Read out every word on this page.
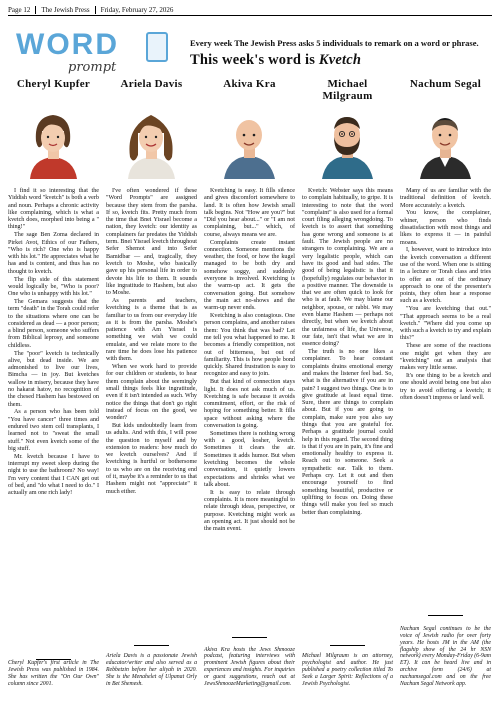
Page 12 The Jewish Press Friday, February 27, 2026
WORD
prompt
Every week The Jewish Press asks 5 individuals to remark on a word or phrase.
This week's word is Kvetch
Cheryl Kupfer

I find it so interesting that the Yiddish word "kvetch" is both a verb and noun. Perhaps a chronic activity like complaining, which is what a kvetch does, morphed into being a " thing!"

The sage Ben Zoma declared in Pirkei Avot, Ethics of our Fathers, "Who is rich? One who is happy with his lot." He appreciates what he has and is content, and thus has no thought to kvetch.

The flip side of this statement would logically be, "Who is poor? One who is unhappy with his lot."

The Gemara suggests that the term "death" in the Torah could refer to the situations where one can be considered as dead — a poor person; a blind person, someone who suffers from Biblical leprosy, and someone childless.

The "poor" kvetch is technically alive, but dead inside. We are admonished to live our lives, Bimcha — in joy. But kvetches wallow in misery, because they have no hakarat hatov, no recognition of the chesed Hashem has bestowed on them.

As a person who has been told "You have cancer" three times and endured two stem cell transplants, I learned not to "sweat the small stuff." Not even kvetch some of the big stuff.

Mr. kvetch because I have to interrupt my sweet sleep during the night to use the bathroom? No way! I'm very content that I CAN get out of bed, and "do what I need to do." I actually am one rich lady!

Cheryl Kupfer's first article in The Jewish Press was published in 1984. She has written the "On Our Own" column since 2001.
Ariela Davis

I've often wondered if these "Word Prompts" are assigned because they stem from the parsha. If so, kvetch fits. Pretty much from the time that Bnei Yisrael become a nation, they kvetch: our identity as complainers far predates the Yiddish term. Bnei Yisrael kvetch throughout Sefer Shemot and into Sefer Bamidbar — and, tragically, they kvetch to Moshe, who basically gave up his personal life in order to devote his life to them. It sounds like ingratitude to Hashem, but also to Moshe.

As parents and teachers, kvetching is a theme that is as familiar to us from our everyday life as it is from the parsha. Moshe's patience with Am Yisrael is something we wish we could emulate, and we relate more to the rare time he does lose his patience with them.

When we work hard to provide for our children or students, to hear them complain about the seemingly small things feels like ingratitude, even if it isn't intended as such. Why notice the things that don't go right instead of focus on the good, we wonder?

But kids undoubtedly learn from us adults. And with this, I will pose the question to myself and by extension to readers: how much do we kvetch ourselves? And if kvetching is hurtful or bothersome to us who are on the receiving end of it, maybe it's a reminder to us that Hashem might not "appreciate" it much either.

Ariela Davis is a passionate Jewish educator/writer and also served as a Rebbetzin before her aliyah in 2020. She is the Menahelet of Ulpanat Orly in Bet Shemesh.
Akiva Kra

Kvetching is easy. It fills silence and gives discomfort somewhere to land. It is often how Jewish small talk begins. Not "How are you?" but "Did you hear about..." or "I am not complaining, but..." which, of course, always means we are.

Complaints create instant connection. Someone mentions the weather, the food, or how the kugel managed to be both dry and somehow soggy, and suddenly everyone is involved. Kvetching is the warm-up act. It gets the conversation going. But somehow the main act no-shows and the warm-up never ends.

Kvetching is also contagious. One person complains, and another raises them: You think that was bad? Let me tell you what happened to me. It becomes a friendly competition, not out of bitterness, but out of familiarity. This is how people bond quickly. Shared frustration is easy to recognize and easy to join.

But that kind of connection stays light. It does not ask much of us. Kvetching is safe because it avoids commitment, effort, or the risk of hoping for something better. It fills space without asking where the conversation is going.

Sometimes there is nothing wrong with a good, kosher, kvetch. Sometimes it clears the air. Sometimes it adds humor. But when kvetching becomes the whole conversation, it quietly lowers expectations and shrinks what we talk about.

It is easy to relate through complaints. It is more meaningful to relate through ideas, perspective, or purpose. Kvetching might work as an opening act. It just should not be the main event.

Akiva Kra hosts the Jews Shmooze podcast, featuring interviews with prominent Jewish figures about their experiences and insights. For inquiries or guest suggestions, reach out at JewsShmoozeMarketing@gmail.com.
Michael Milgraum

Kvetch: Webster says this means to complain habitually, to gripe. It is interesting to note that the word "complaint" is also used for a formal court filing alleging wrongdoing. To kvetch is to assert that something has gone wrong and someone is at fault. The Jewish people are no strangers to complaining. We are a very legalistic people, which can have its good and bad sides. The good of being legalistic is that it (hopefully) regulates our behavior in a positive manner. The downside is that we are often quick to look for who is at fault. We may blame our neighbor, spouse, or rabbi. We may even blame Hashem — perhaps not directly, but when we kvetch about the unfairness of life, the Universe, our fate, isn't that what we are in essence doing?

The truth is no one likes a complainer. To hear constant complaints drains emotional energy and makes the listener feel bad. So, what is the alternative if you are in pain? I suggest two things. One is to give gratitude at least equal time. Sure, there are things to complain about. But if you are going to complain, make sure you also say things that you are grateful for. Perhaps a gratitude journal could help in this regard. The second thing is that if you are in pain, it's fine and emotionally healthy to express it. Reach out to someone. Seek a sympathetic ear. Talk to them. Perhaps cry. Let it out and then encourage yourself to find something beautiful, productive or uplifting to focus on. Doing these things will make you feel so much better than complaining.

Michael Milgraum is an attorney, psychologist and author. He just published a poetry collection titled To Seek a Larger Spirit: Reflections of a Jewish Psychologist.
Nachum Segal

Many of us are familiar with the traditional definition of kvetch. More accurately: a kvetch.

You know, the complainer, whiner, person who finds dissatisfaction with most things and likes to express it — in painful moans.

I, however, want to introduce into the kvetch conversation a different use of the word. When one is sitting in a lecture or Torah class and tries to offer an out of the ordinary approach to one of the presenter's points, they often hear a response such as a kvetch.

"You are kvetching that out." "That approach seems to be a real kvetch." "Where did you come up with such a kvetch to try and explain this?"

These are some of the reactions one might get when they are "kvetching" out an analysis that makes very little sense.

It's one thing to be a kvetch and one should avoid being one but also try to avoid offering a kvetch; it often doesn't impress or land well.

Nachum Segal continues to be the voice of Jewish radio for over forty years. He hosts JM in the AM (the flagship show of the 24 hr NSN network) every Monday-Friday (6-9am ET). It can be heard live and in archive form (24/6) at nachumsegal.com and on the free Nachum Segal Network app.
